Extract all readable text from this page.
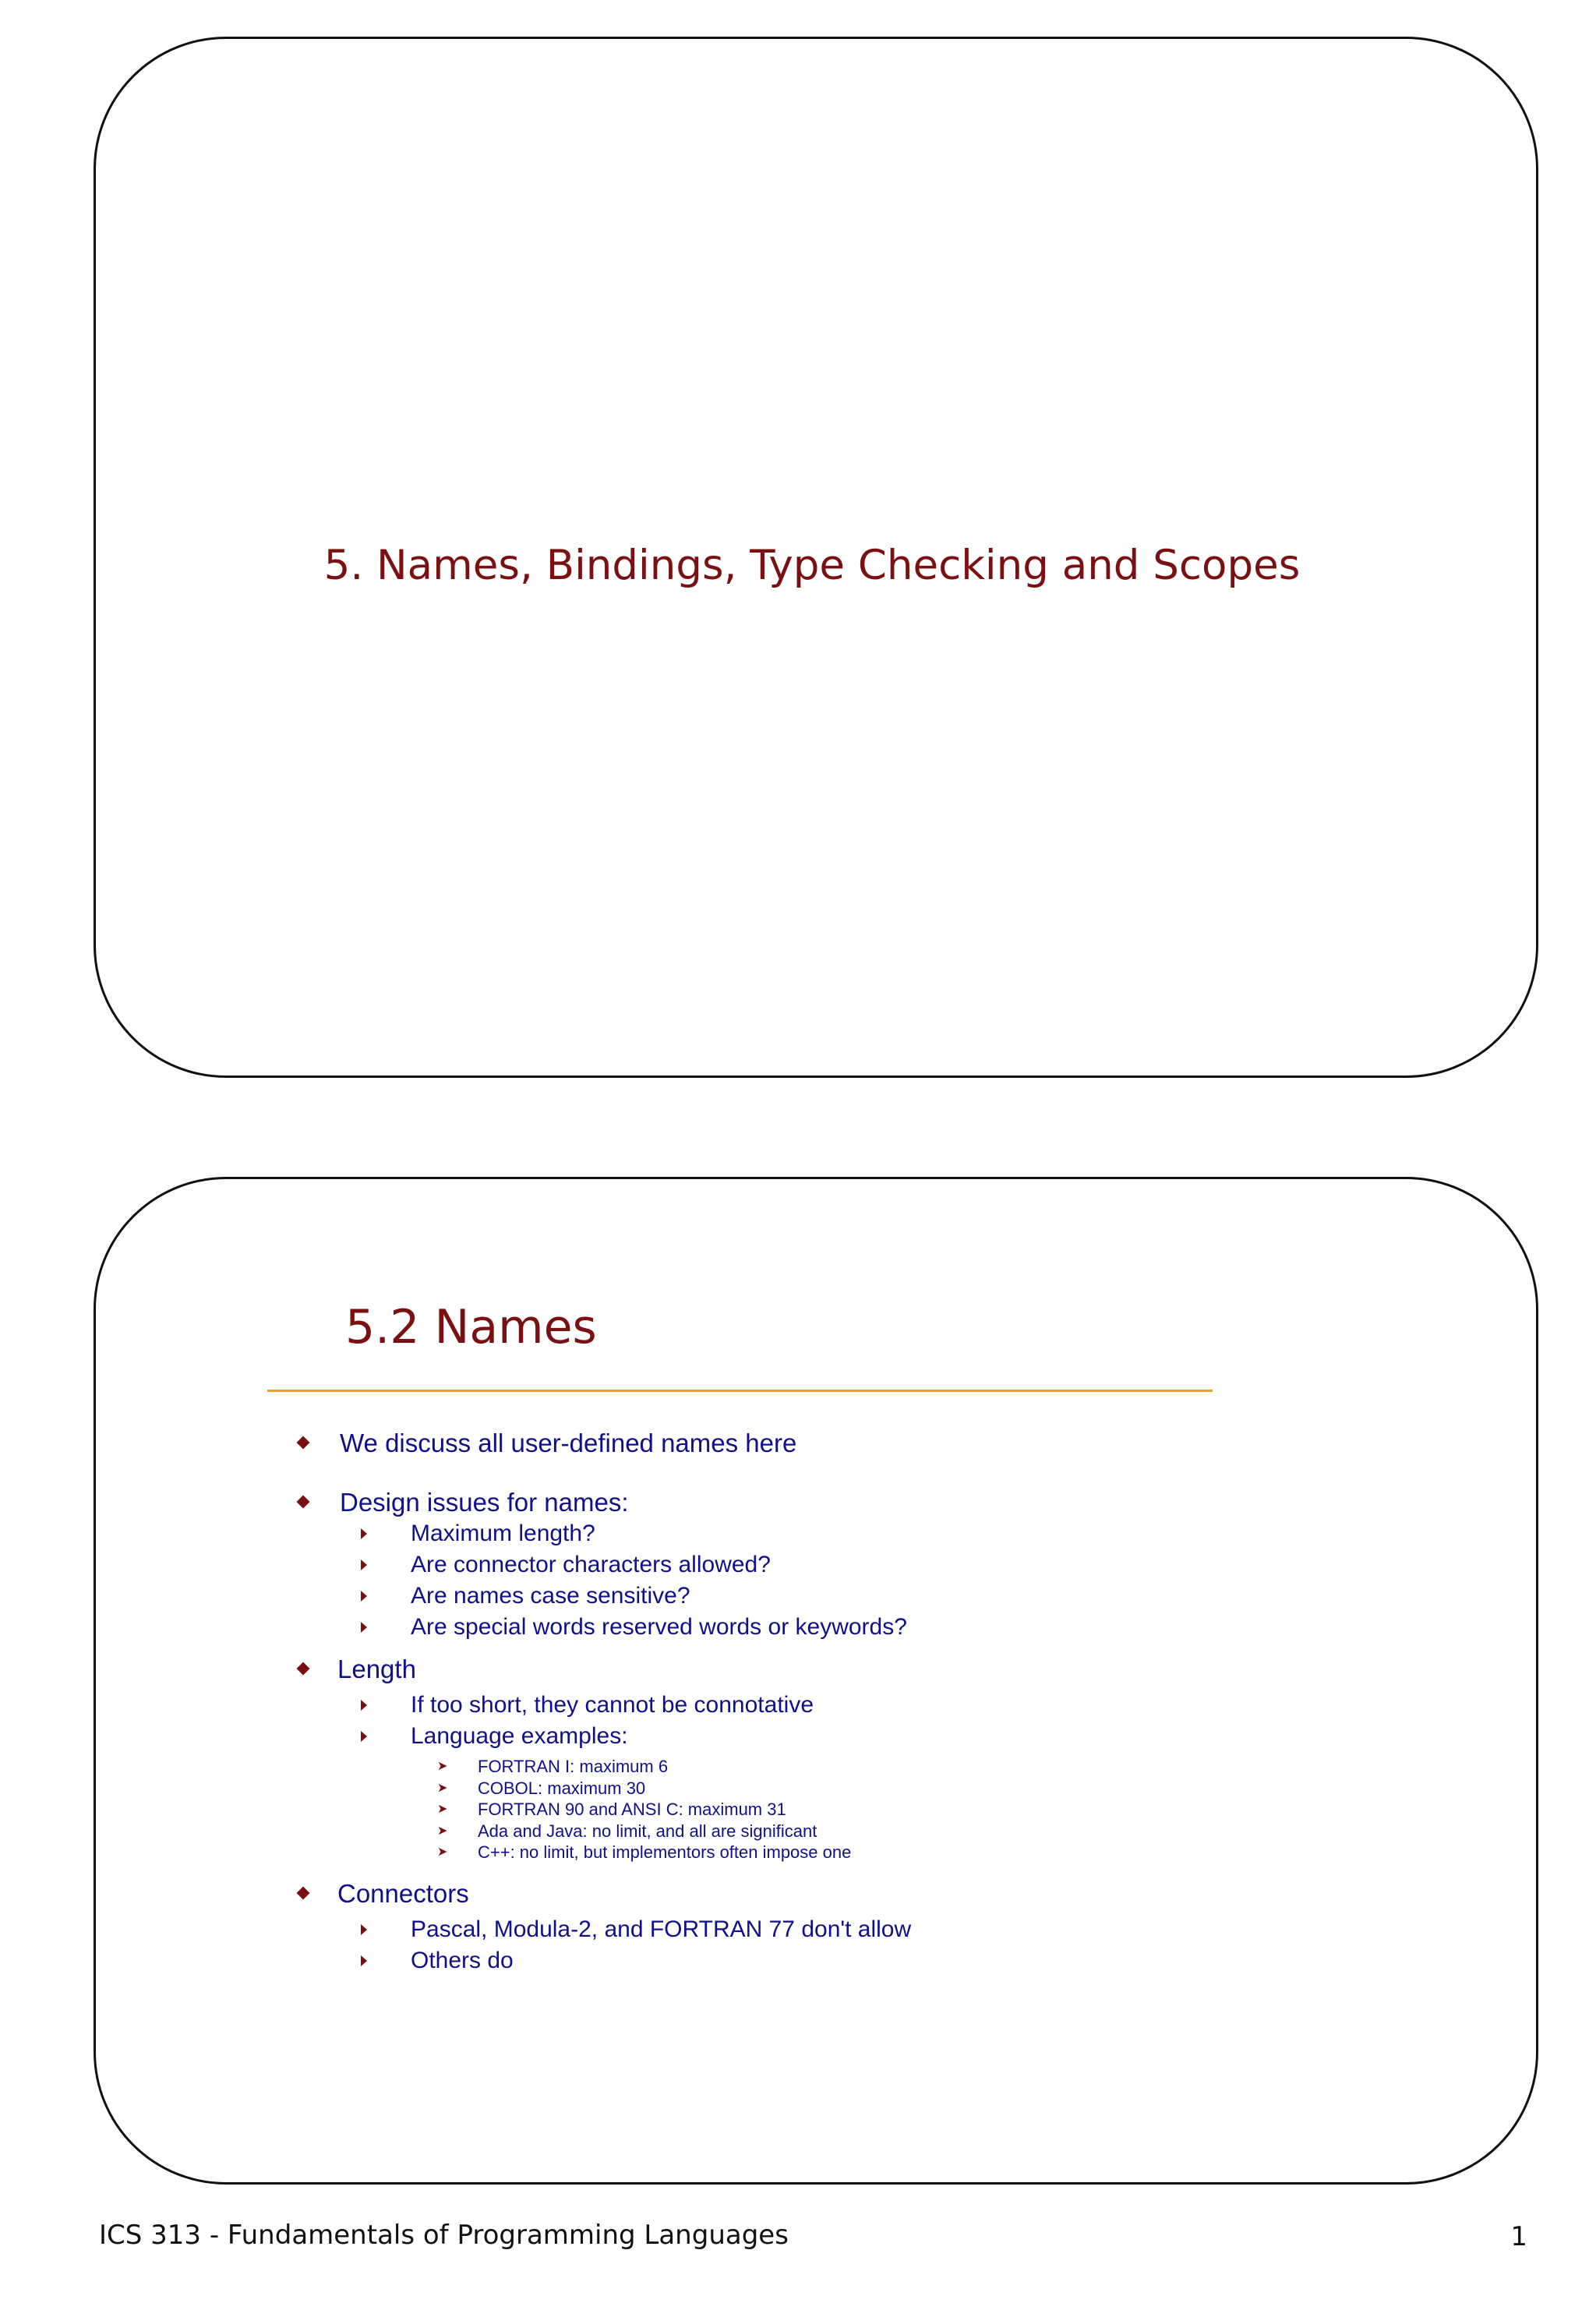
5. Names, Bindings, Type Checking and Scopes
5.2 Names
We discuss all user-defined names here
Design issues for names:
Maximum length?
Are connector characters allowed?
Are names case sensitive?
Are special words reserved words or keywords?
Length
If too short, they cannot be connotative
Language examples:
➤ FORTRAN I: maximum 6
➤ COBOL: maximum 30
➤ FORTRAN 90 and ANSI C: maximum 31
➤ Ada and Java: no limit, and all are significant
➤ C++: no limit, but implementors often impose one
Connectors
Pascal, Modula-2, and FORTRAN 77 don't allow
Others do
ICS 313 - Fundamentals of Programming Languages	1
